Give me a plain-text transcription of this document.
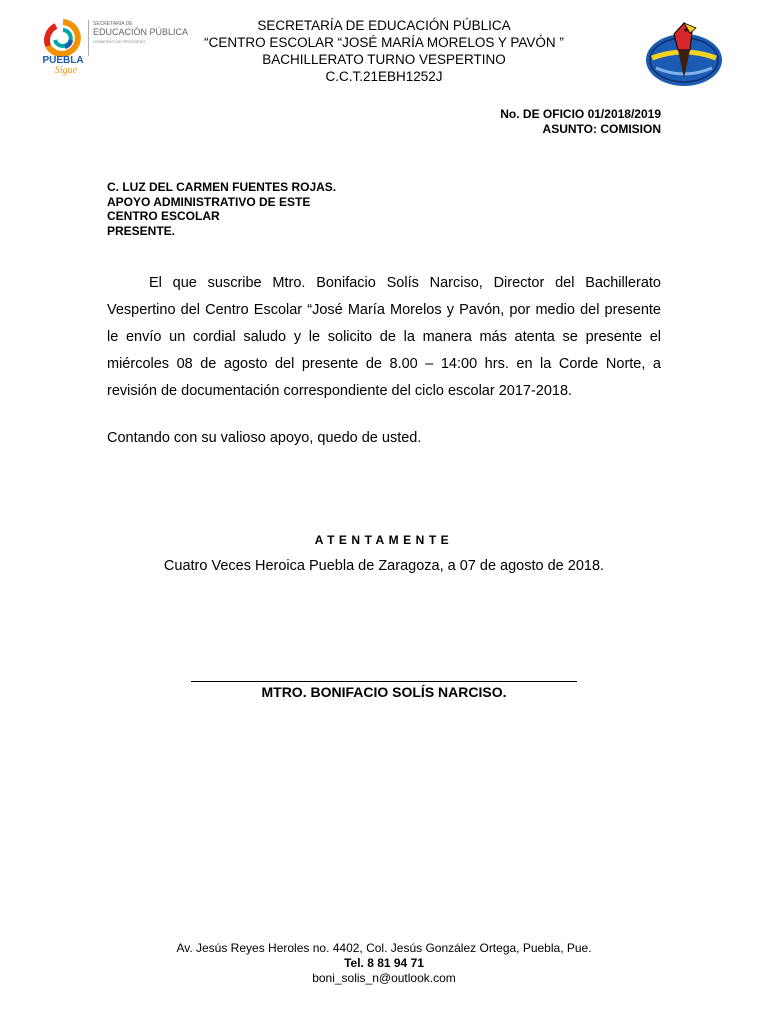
PUEBLA
Sigue
SECRETARÍA DE
EDUCACIÓN PÚBLICA
GOBIERNO DE PROGRESO
SECRETARÍA DE EDUCACIÓN PÚBLICA
“CENTRO ESCOLAR “JOSÉ MARÍA MORELOS Y PAVÓN ”
BACHILLERATO TURNO VESPERTINO
C.C.T.21EBH1252J
No. DE OFICIO 01/2018/2019
ASUNTO: COMISION
C. LUZ DEL CARMEN FUENTES ROJAS.
APOYO ADMINISTRATIVO DE ESTE
CENTRO ESCOLAR
PRESENTE.
El que suscribe Mtro. Bonifacio Solís Narciso, Director del Bachillerato Vespertino del Centro Escolar “José María Morelos y Pavón, por medio del presente le envío un cordial saludo y le solicito de la manera más atenta se presente el miércoles 08 de agosto del presente de 8.00 – 14:00 hrs. en la Corde Norte, a revisión de documentación correspondiente del ciclo escolar 2017-2018.
Contando con su valioso apoyo, quedo de usted.
ATENTAMENTE
Cuatro Veces Heroica Puebla de Zaragoza, a 07 de agosto de 2018.
MTRO. BONIFACIO SOLÍS NARCISO.
Av. Jesús Reyes Heroles no. 4402, Col. Jesús González Ortega, Puebla, Pue.
Tel. 8 81 94 71
boni_solis_n@outlook.com
